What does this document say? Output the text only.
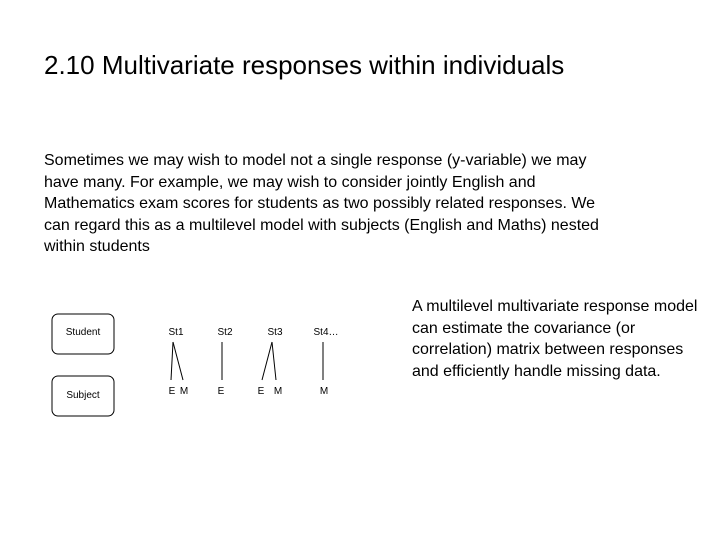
2.10 Multivariate responses within individuals

Sometimes we may wish to model not a single response (y-variable) we may have many. For example, we may wish to consider jointly English and Mathematics exam scores for students as two possibly related responses. We can regard this as a multilevel model with subjects (English and Maths) nested within students

Student
Subject
St1	St2	St3	St4…
E M	E	E M	M

A multilevel multivariate response model can estimate the covariance (or correlation) matrix between responses and efficiently handle missing data.
